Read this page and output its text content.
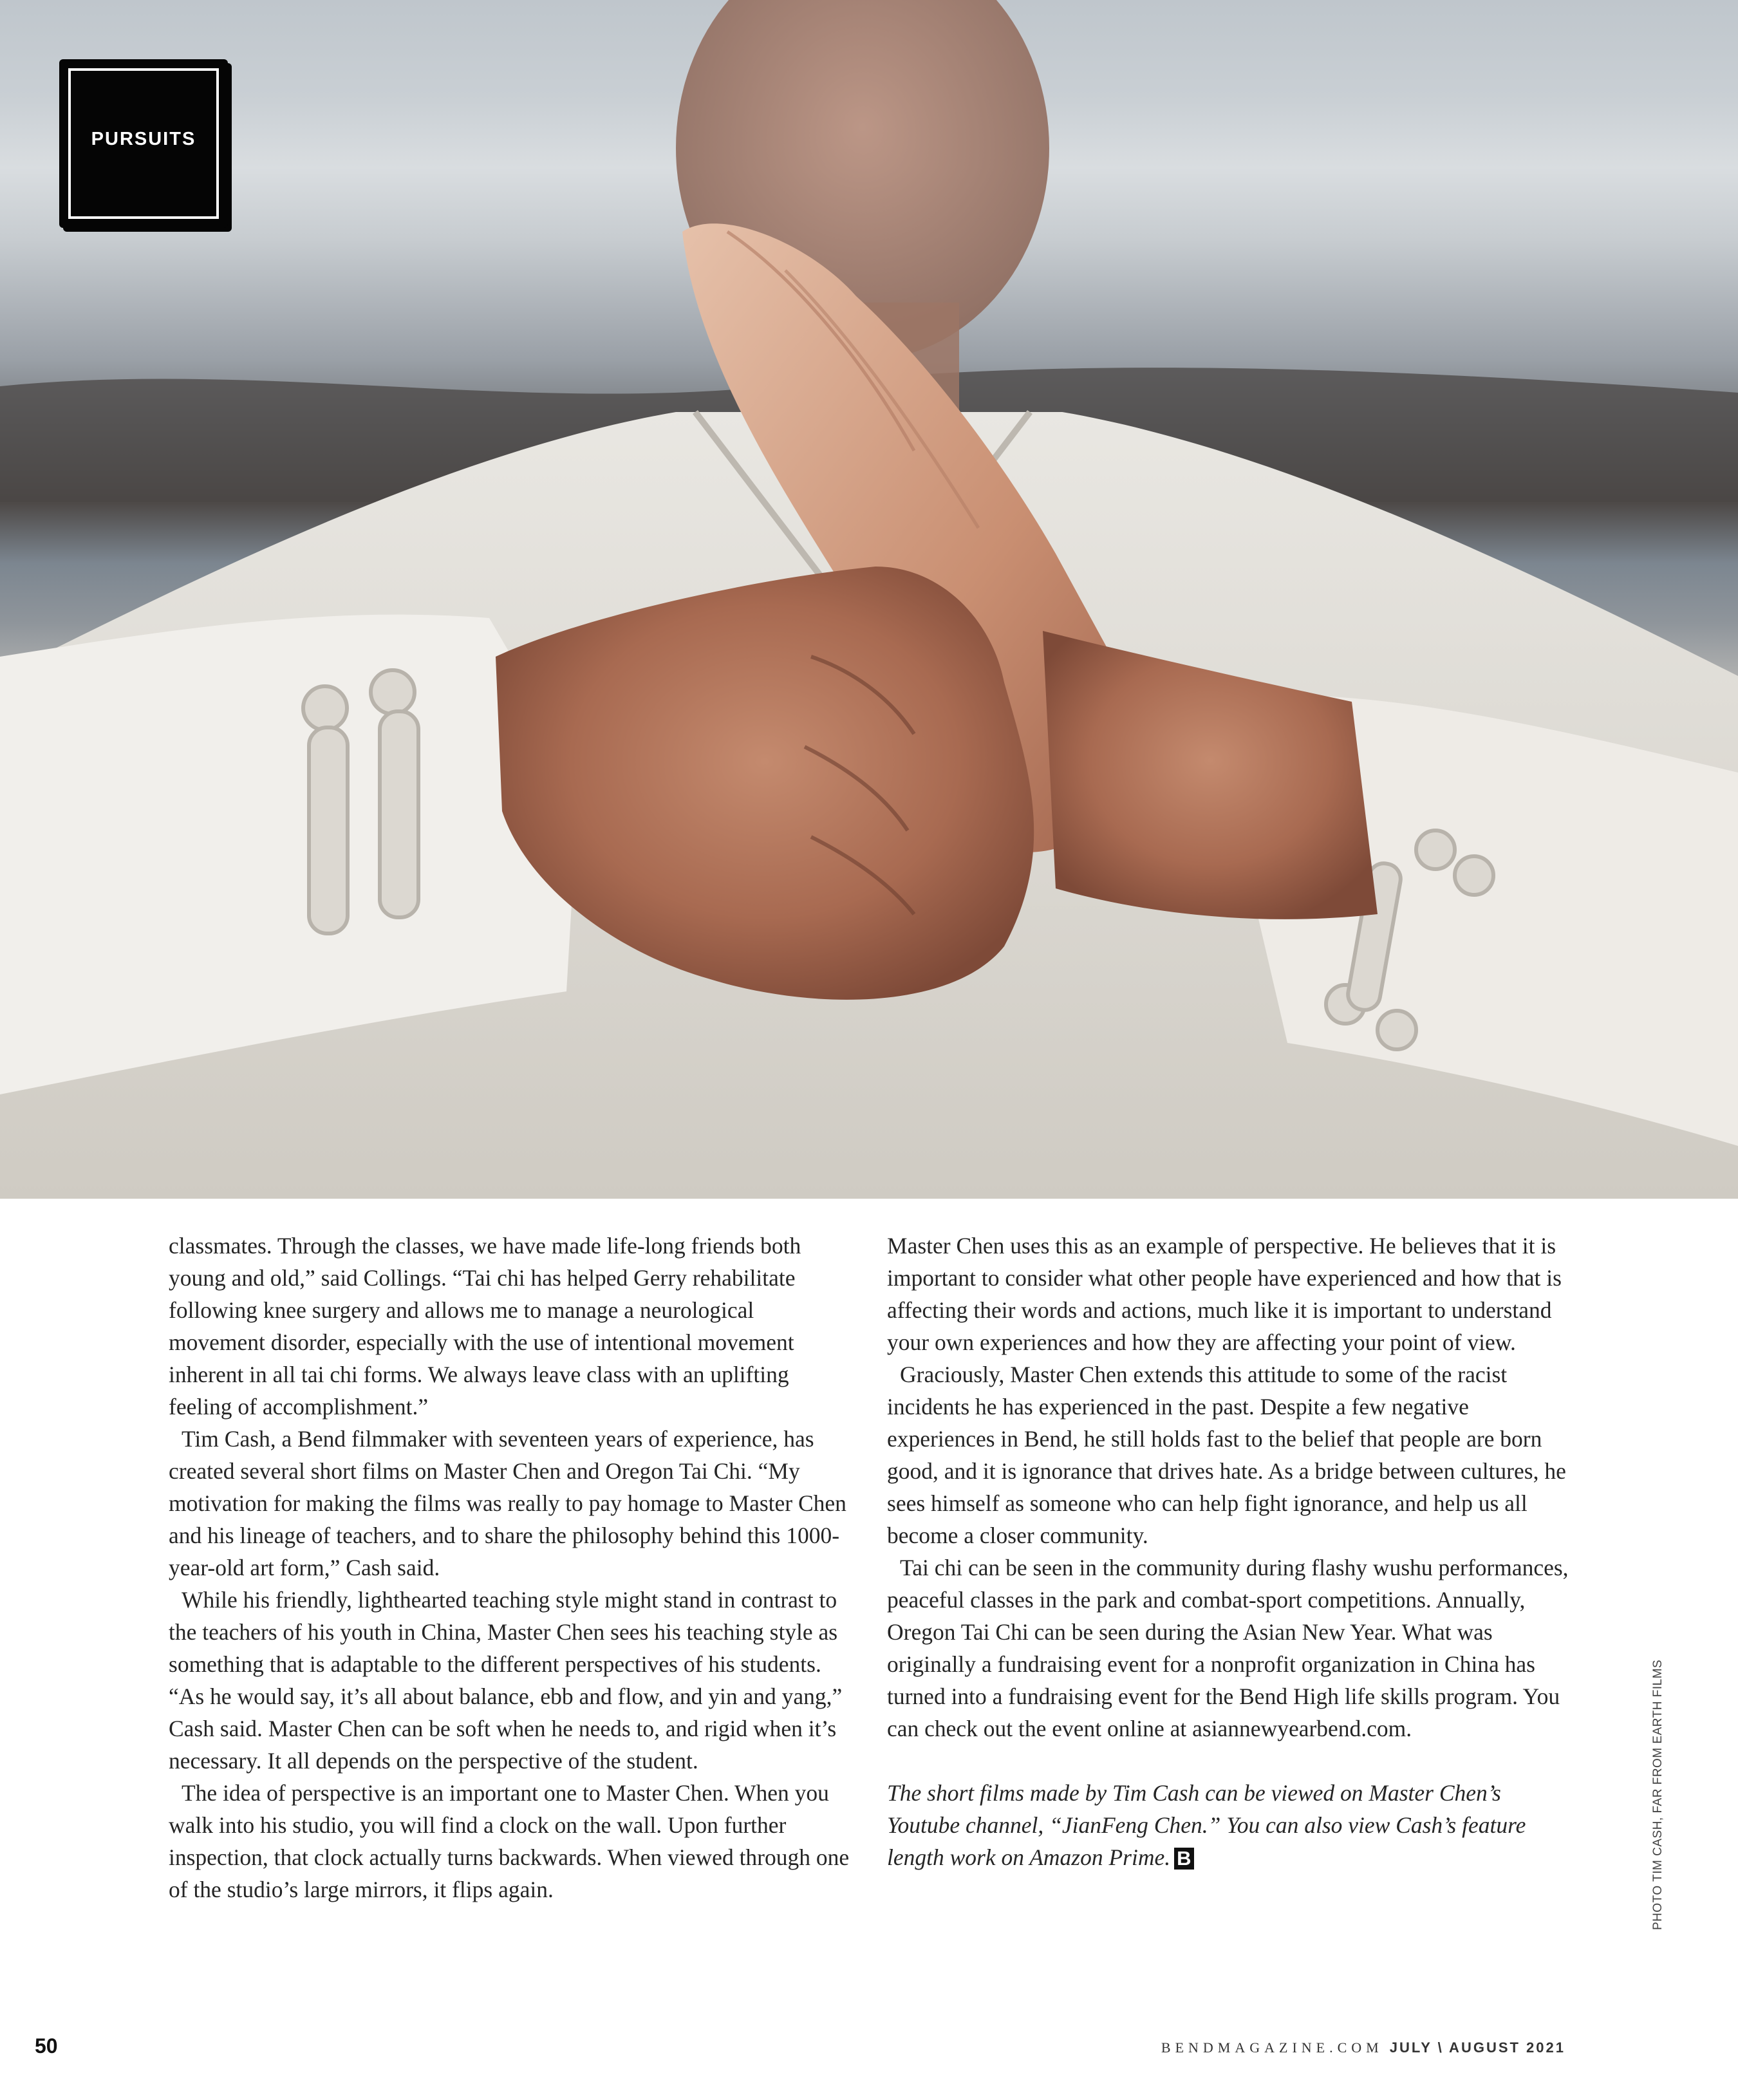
PURSUITS

classmates. Through the classes, we have made life-long friends both young and old,” said Collings. “Tai chi has helped Gerry rehabilitate following knee surgery and allows me to manage a neurological movement disorder, especially with the use of intentional movement inherent in all tai chi forms. We always leave class with an uplifting feeling of accomplishment.”

Tim Cash, a Bend filmmaker with seventeen years of experience, has created several short films on Master Chen and Oregon Tai Chi. “My motivation for making the films was really to pay homage to Master Chen and his lineage of teachers, and to share the philosophy behind this 1000-year-old art form,” Cash said.

While his friendly, lighthearted teaching style might stand in contrast to the teachers of his youth in China, Master Chen sees his teaching style as something that is adaptable to the different perspectives of his students. “As he would say, it’s all about balance, ebb and flow, and yin and yang,” Cash said. Master Chen can be soft when he needs to, and rigid when it’s necessary. It all depends on the perspective of the student.

The idea of perspective is an important one to Master Chen. When you walk into his studio, you will find a clock on the wall. Upon further inspection, that clock actually turns backwards. When viewed through one of the studio’s large mirrors, it flips again.

Master Chen uses this as an example of perspective. He believes that it is important to consider what other people have experienced and how that is affecting their words and actions, much like it is important to understand your own experiences and how they are affecting your point of view.

Graciously, Master Chen extends this attitude to some of the racist incidents he has experienced in the past. Despite a few negative experiences in Bend, he still holds fast to the belief that people are born good, and it is ignorance that drives hate. As a bridge between cultures, he sees himself as someone who can help fight ignorance, and help us all become a closer community.

Tai chi can be seen in the community during flashy wushu performances, peaceful classes in the park and combat-sport competitions. Annually, Oregon Tai Chi can be seen during the Asian New Year. What was originally a fundraising event for a nonprofit organization in China has turned into a fundraising event for the Bend High life skills program. You can check out the event online at asiannewyearbend.com.

The short films made by Tim Cash can be viewed on Master Chen’s Youtube channel, “JianFeng Chen.” You can also view Cash’s feature length work on Amazon Prime. B	PHOTO TIM CASH, FAR FROM EARTH FILMS
50	BENDMAGAZINE.COM JULY \ AUGUST 2021
